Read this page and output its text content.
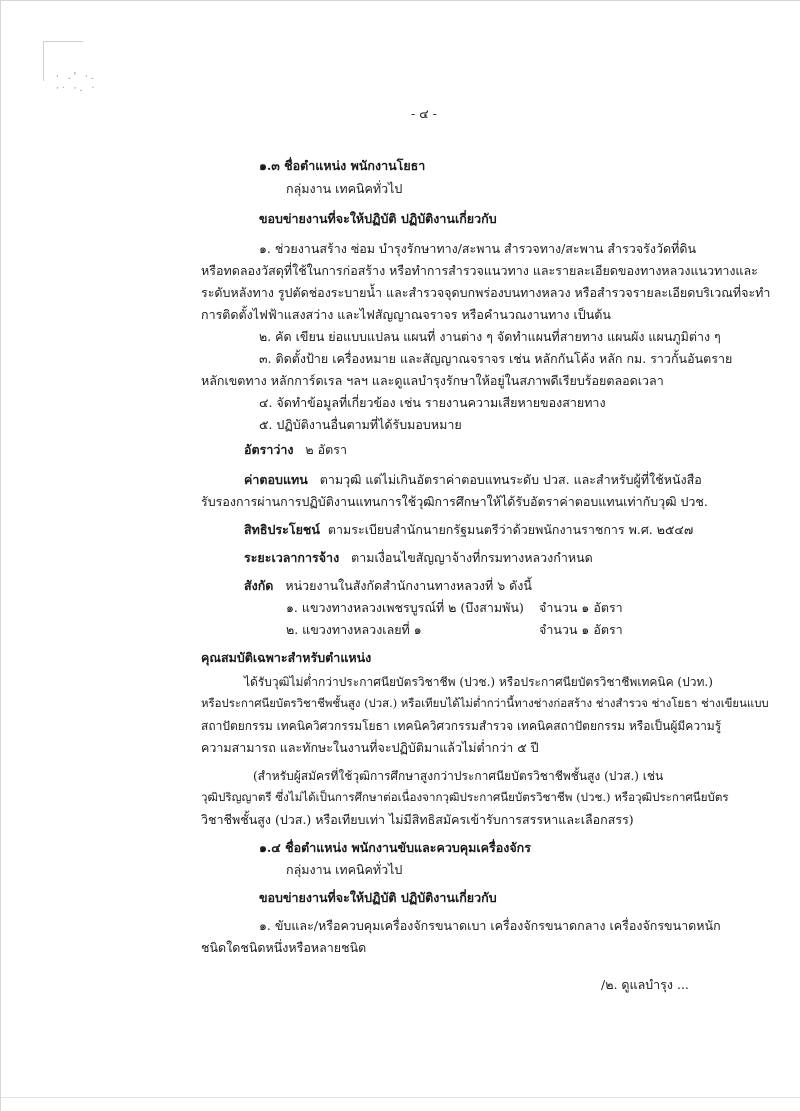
· .' ·.
·ˑ ·. ˑ
- ๔ -
๑.๓ ชื่อตำแหน่ง พนักงานโยธา
กลุ่มงาน เทคนิคทั่วไป
ขอบข่ายงานที่จะให้ปฏิบัติ ปฏิบัติงานเกี่ยวกับ
๑. ช่วยงานสร้าง ซ่อม บำรุงรักษาทาง/สะพาน สำรวจทาง/สะพาน สำรวจรังวัดที่ดิน
หรือทดลองวัสดุที่ใช้ในการก่อสร้าง หรือทำการสำรวจแนวทาง และรายละเอียดของทางหลวงแนวทางและ
ระดับหลังทาง รูปตัดช่องระบายน้ำ และสำรวจจุดบกพร่องบนทางหลวง หรือสำรวจรายละเอียดบริเวณที่จะทำ
การติดตั้งไฟฟ้าแสงสว่าง และไฟสัญญาณจราจร หรือคำนวณงานทาง เป็นต้น
๒. คัด เขียน ย่อแบบแปลน แผนที่ งานต่าง ๆ จัดทำแผนที่สายทาง แผนผัง แผนภูมิต่าง ๆ
๓. ติดตั้งป้าย เครื่องหมาย และสัญญาณจราจร เช่น หลักกันโค้ง หลัก กม. ราวกั้นอันตราย
หลักเขตทาง หลักการ์ดเรล ฯลฯ และดูแลบำรุงรักษาให้อยู่ในสภาพดีเรียบร้อยตลอดเวลา
๔. จัดทำข้อมูลที่เกี่ยวข้อง เช่น รายงานความเสียหายของสายทาง
๕. ปฏิบัติงานอื่นตามที่ได้รับมอบหมาย
อัตราว่าง ๒ อัตรา
ค่าตอบแทน ตามวุฒิ แต่ไม่เกินอัตราค่าตอบแทนระดับ ปวส. และสำหรับผู้ที่ใช้หนังสือ
รับรองการผ่านการปฏิบัติงานแทนการใช้วุฒิการศึกษาให้ได้รับอัตราค่าตอบแทนเท่ากับวุฒิ ปวช.
สิทธิประโยชน์ ตามระเบียบสำนักนายกรัฐมนตรีว่าด้วยพนักงานราชการ พ.ศ. ๒๕๔๗
ระยะเวลาการจ้าง ตามเงื่อนไขสัญญาจ้างที่กรมทางหลวงกำหนด
สังกัด หน่วยงานในสังกัดสำนักงานทางหลวงที่ ๖ ดังนี้
๑. แขวงทางหลวงเพชรบูรณ์ที่ ๒ (บึงสามพัน) จำนวน ๑ อัตรา
๒. แขวงทางหลวงเลยที่ ๑	จำนวน ๑ อัตรา
คุณสมบัติเฉพาะสำหรับตำแหน่ง
ได้รับวุฒิไม่ต่ำกว่าประกาศนียบัตรวิชาชีพ (ปวช.) หรือประกาศนียบัตรวิชาชีพเทคนิค (ปวท.)
หรือประกาศนียบัตรวิชาชีพชั้นสูง (ปวส.) หรือเทียบได้ไม่ต่ำกว่านี้ทางช่างก่อสร้าง ช่างสำรวจ ช่างโยธา ช่างเขียนแบบ
สถาปัตยกรรม เทคนิควิศวกรรมโยธา เทคนิควิศวกรรมสำรวจ เทคนิคสถาปัตยกรรม หรือเป็นผู้มีความรู้
ความสามารถ และทักษะในงานที่จะปฏิบัติมาแล้วไม่ต่ำกว่า ๕ ปี
(สำหรับผู้สมัครที่ใช้วุฒิการศึกษาสูงกว่าประกาศนียบัตรวิชาชีพชั้นสูง (ปวส.) เช่น
วุฒิปริญญาตรี ซึ่งไม่ได้เป็นการศึกษาต่อเนื่องจากวุฒิประกาศนียบัตรวิชาชีพ (ปวช.) หรือวุฒิประกาศนียบัตร
วิชาชีพชั้นสูง (ปวส.) หรือเทียบเท่า ไม่มีสิทธิสมัครเข้ารับการสรรหาและเลือกสรร)
๑.๔ ชื่อตำแหน่ง พนักงานขับและควบคุมเครื่องจักร
กลุ่มงาน เทคนิคทั่วไป
ขอบข่ายงานที่จะให้ปฏิบัติ ปฏิบัติงานเกี่ยวกับ
๑. ขับและ/หรือควบคุมเครื่องจักรขนาดเบา เครื่องจักรขนาดกลาง เครื่องจักรขนาดหนัก
ชนิดใดชนิดหนึ่งหรือหลายชนิด
/๒. ดูแลบำรุง ...
